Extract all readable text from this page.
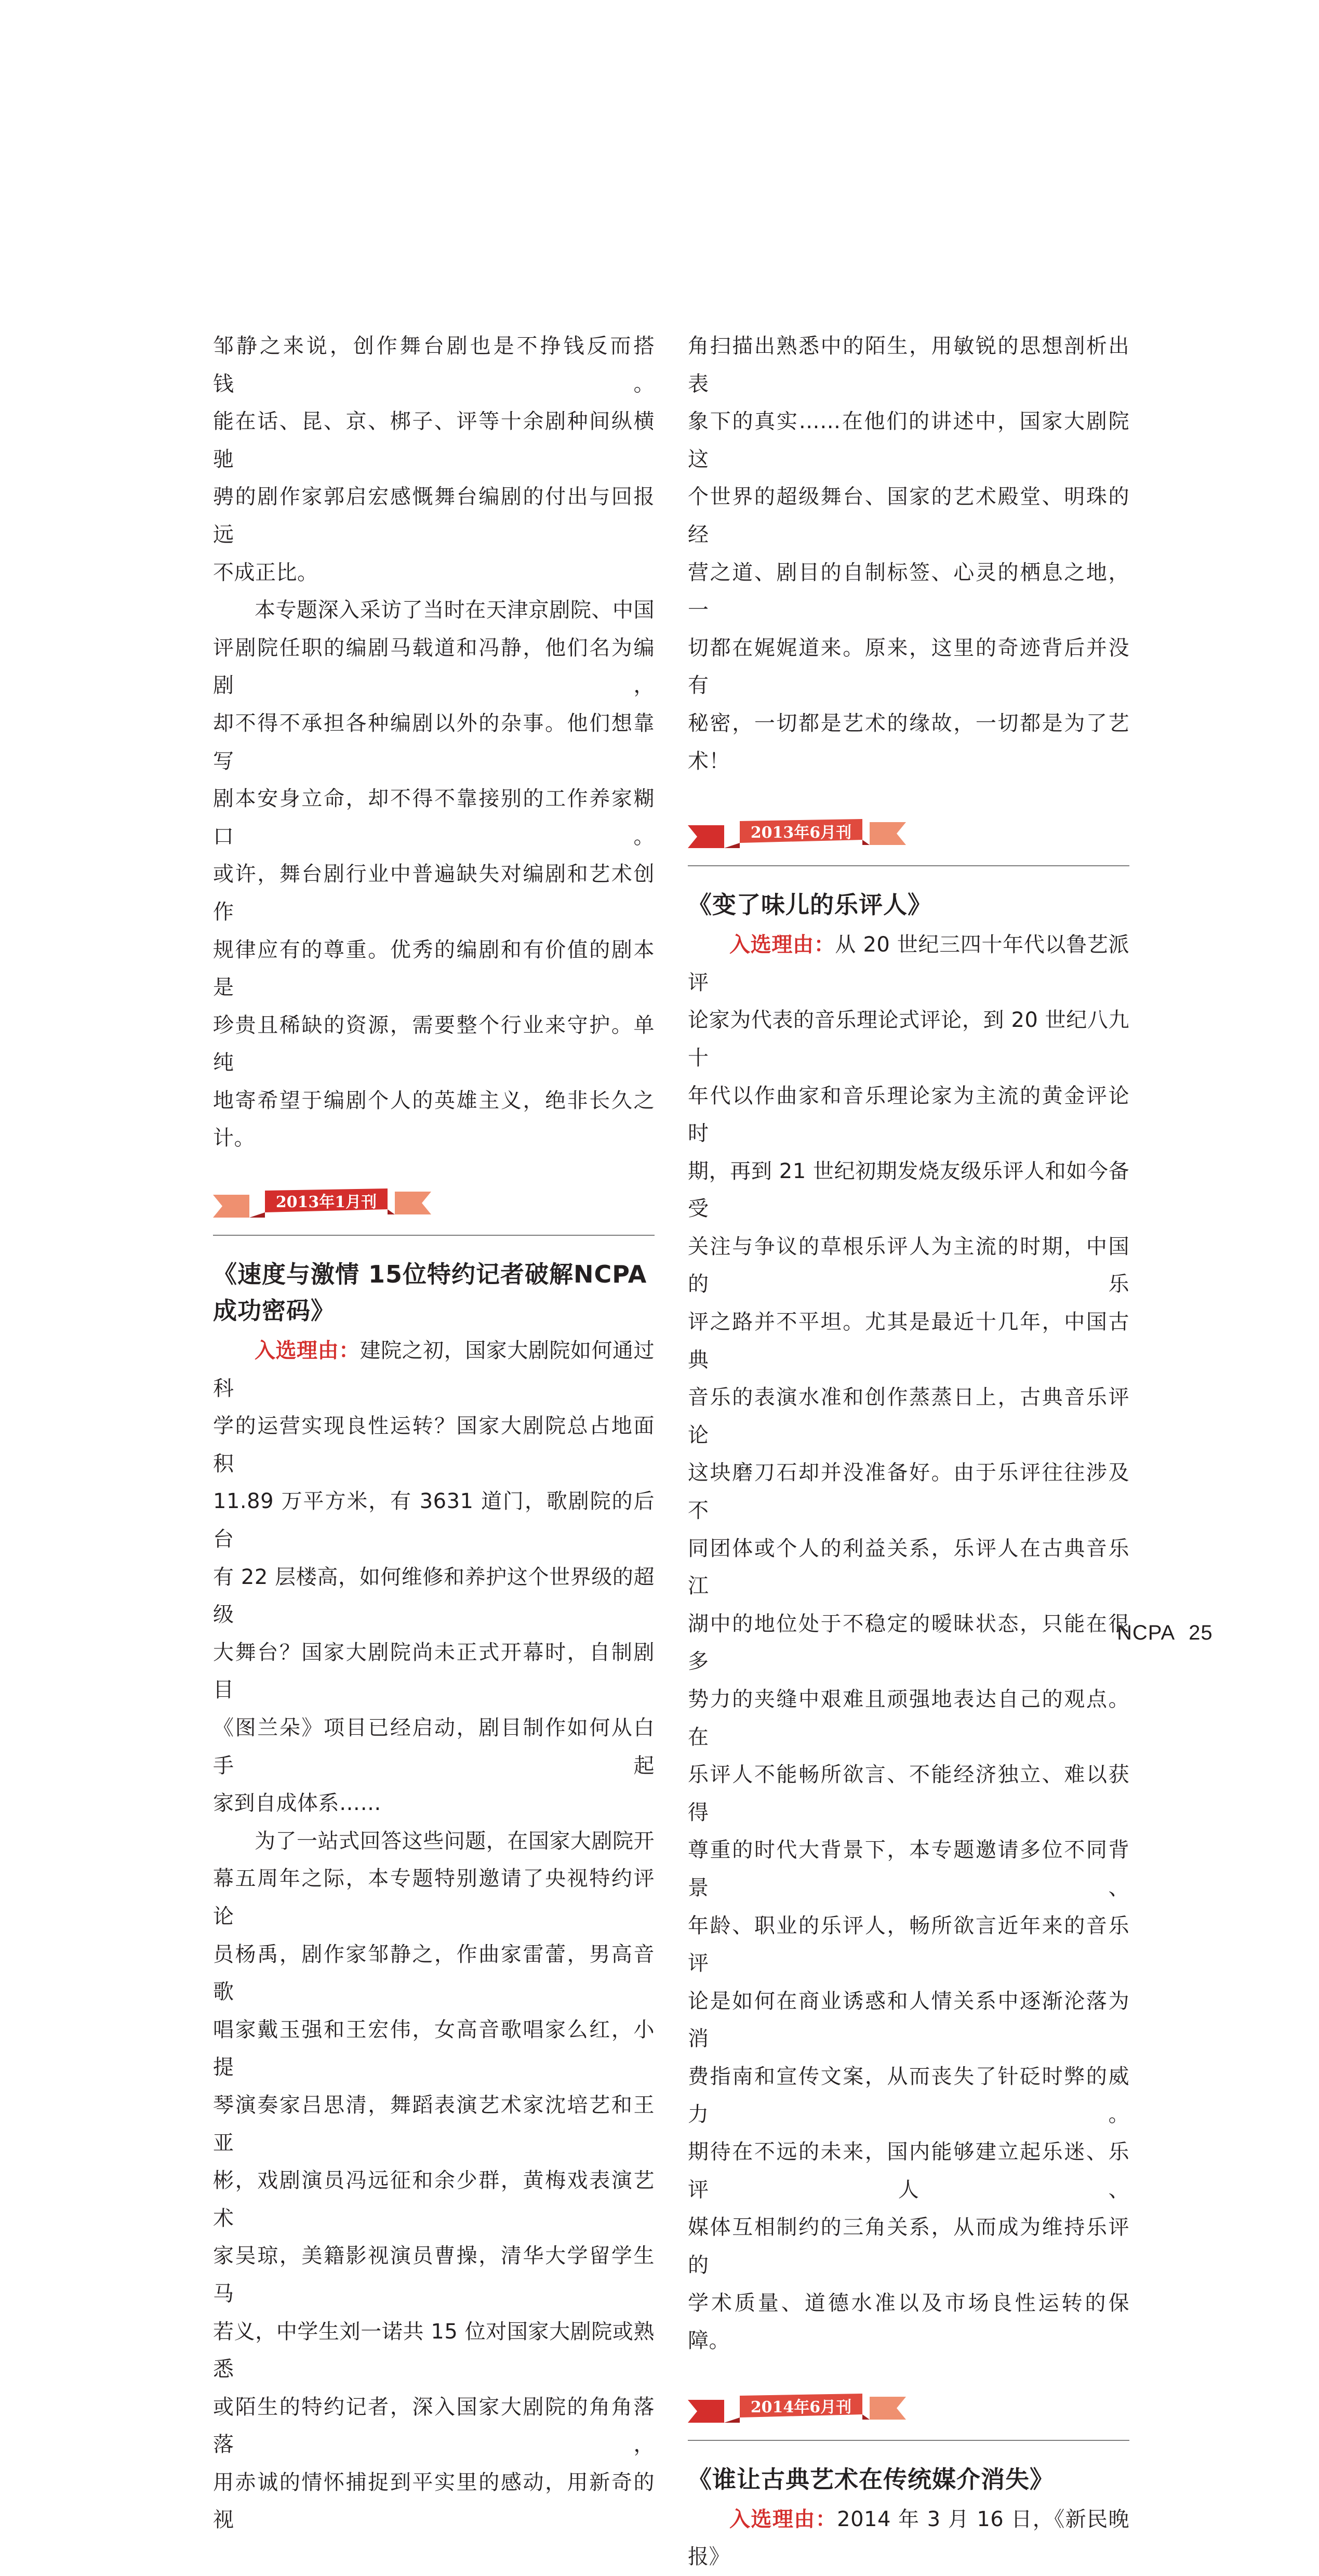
邹静之来说，创作舞台剧也是不挣钱反而搭钱。

能在话、昆、京、梆子、评等十余剧种间纵横驰

骋的剧作家郭启宏感慨舞台编剧的付出与回报远

不成正比。

本专题深入采访了当时在天津京剧院、中国

评剧院任职的编剧马载道和冯静，他们名为编剧，

却不得不承担各种编剧以外的杂事。他们想靠写

剧本安身立命，却不得不靠接别的工作养家糊口。

或许，舞台剧行业中普遍缺失对编剧和艺术创作

规律应有的尊重。优秀的编剧和有价值的剧本是

珍贵且稀缺的资源，需要整个行业来守护。单纯

地寄希望于编剧个人的英雄主义，绝非长久之计。

2013年1月刊
《速度与激情 15位特约记者破解NCPA
成功密码》

入选理由：建院之初，国家大剧院如何通过科

学的运营实现良性运转？国家大剧院总占地面积

11.89 万平方米，有 3631 道门，歌剧院的后台

有 22 层楼高，如何维修和养护这个世界级的超级

大舞台？国家大剧院尚未正式开幕时，自制剧目

《图兰朵》项目已经启动，剧目制作如何从白手起

家到自成体系……

为了一站式回答这些问题，在国家大剧院开

幕五周年之际，本专题特别邀请了央视特约评论

员杨禹，剧作家邹静之，作曲家雷蕾，男高音歌

唱家戴玉强和王宏伟，女高音歌唱家么红，小提

琴演奏家吕思清，舞蹈表演艺术家沈培艺和王亚

彬，戏剧演员冯远征和余少群，黄梅戏表演艺术

家吴琼，美籍影视演员曹操，清华大学留学生马

若义，中学生刘一诺共 15 位对国家大剧院或熟悉

或陌生的特约记者，深入国家大剧院的角角落落，

用赤诚的情怀捕捉到平实里的感动，用新奇的视

角扫描出熟悉中的陌生，用敏锐的思想剖析出表

象下的真实……在他们的讲述中，国家大剧院这

个世界的超级舞台、国家的艺术殿堂、明珠的经

营之道、剧目的自制标签、心灵的栖息之地，一

切都在娓娓道来。原来，这里的奇迹背后并没有

秘密，一切都是艺术的缘故，一切都是为了艺术！

2013年6月刊
《变了味儿的乐评人》

入选理由：从 20 世纪三四十年代以鲁艺派评

论家为代表的音乐理论式评论，到 20 世纪八九十

年代以作曲家和音乐理论家为主流的黄金评论时

期，再到 21 世纪初期发烧友级乐评人和如今备受

关注与争议的草根乐评人为主流的时期，中国的乐

评之路并不平坦。尤其是最近十几年，中国古典

音乐的表演水准和创作蒸蒸日上，古典音乐评论

这块磨刀石却并没准备好。由于乐评往往涉及不

同团体或个人的利益关系，乐评人在古典音乐江

湖中的地位处于不稳定的暧昧状态，只能在很多

势力的夹缝中艰难且顽强地表达自己的观点。在

乐评人不能畅所欲言、不能经济独立、难以获得

尊重的时代大背景下，本专题邀请多位不同背景、

年龄、职业的乐评人，畅所欲言近年来的音乐评

论是如何在商业诱惑和人情关系中逐渐沦落为消

费指南和宣传文案，从而丧失了针砭时弊的威力。

期待在不远的未来，国内能够建立起乐迷、乐评人、

媒体互相制约的三角关系，从而成为维持乐评的

学术质量、道德水准以及市场良性运转的保障。

2014年6月刊
《谁让古典艺术在传统媒介消失》

入选理由：2014 年 3 月 16 日，《新民晚报》

NCPA 25
